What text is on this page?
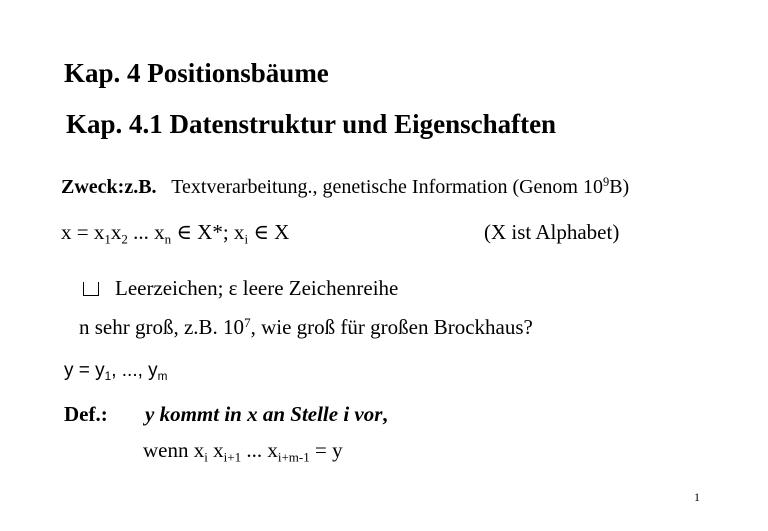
Kap. 4 Positionsbäume
Kap. 4.1 Datenstruktur und Eigenschaften
Zweck:z.B. Textverarbeitung., genetische Information (Genom $10^9B$)
$x = x_1x_2$ ... $x_n$ ∈ X*; $x_i$ ∈ X	(X ist Alphabet)
Leerzeichen; ε leere Zeichenreihe
n sehr groß, z.B. $10^7$, wie groß für großen Brockhaus?
$y = y_1$, ..., $y_m$
Def.: y kommt in x an Stelle i vor,
wenn $x_i$ $x_{i+1}$ ... $x_{i+m-1} = y$
1
